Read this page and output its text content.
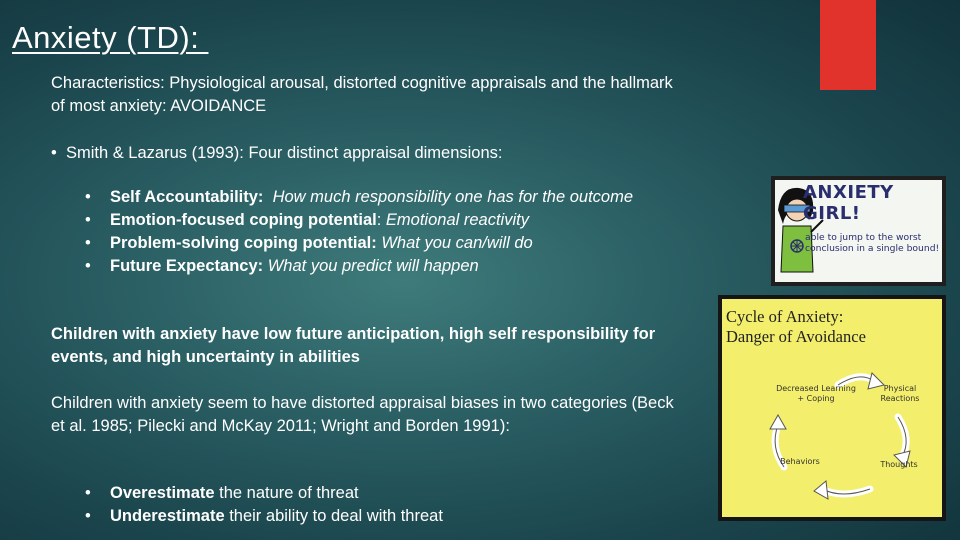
Anxiety (TD):
Characteristics: Physiological arousal, distorted cognitive appraisals and the hallmark of most anxiety: AVOIDANCE
• Smith & Lazarus (1993): Four distinct appraisal dimensions:
• Self Accountability: How much responsibility one has for the outcome
• Emotion-focused coping potential: Emotional reactivity
• Problem-solving coping potential: What you can/will do
• Future Expectancy: What you predict will happen
Children with anxiety have low future anticipation, high self responsibility for events, and high uncertainty in abilities
Children with anxiety seem to have distorted appraisal biases in two categories (Beck et al. 1985; Pilecki and McKay 2011; Wright and Borden 1991):
• Overestimate the nature of threat
• Underestimate their ability to deal with threat
ANXIETY GIRL!
able to jump to the worst conclusion in a single bound!
Cycle of Anxiety:
Danger of Avoidance
Decreased Learning + Coping
Physical Reactions
Behaviors	Thoughts
